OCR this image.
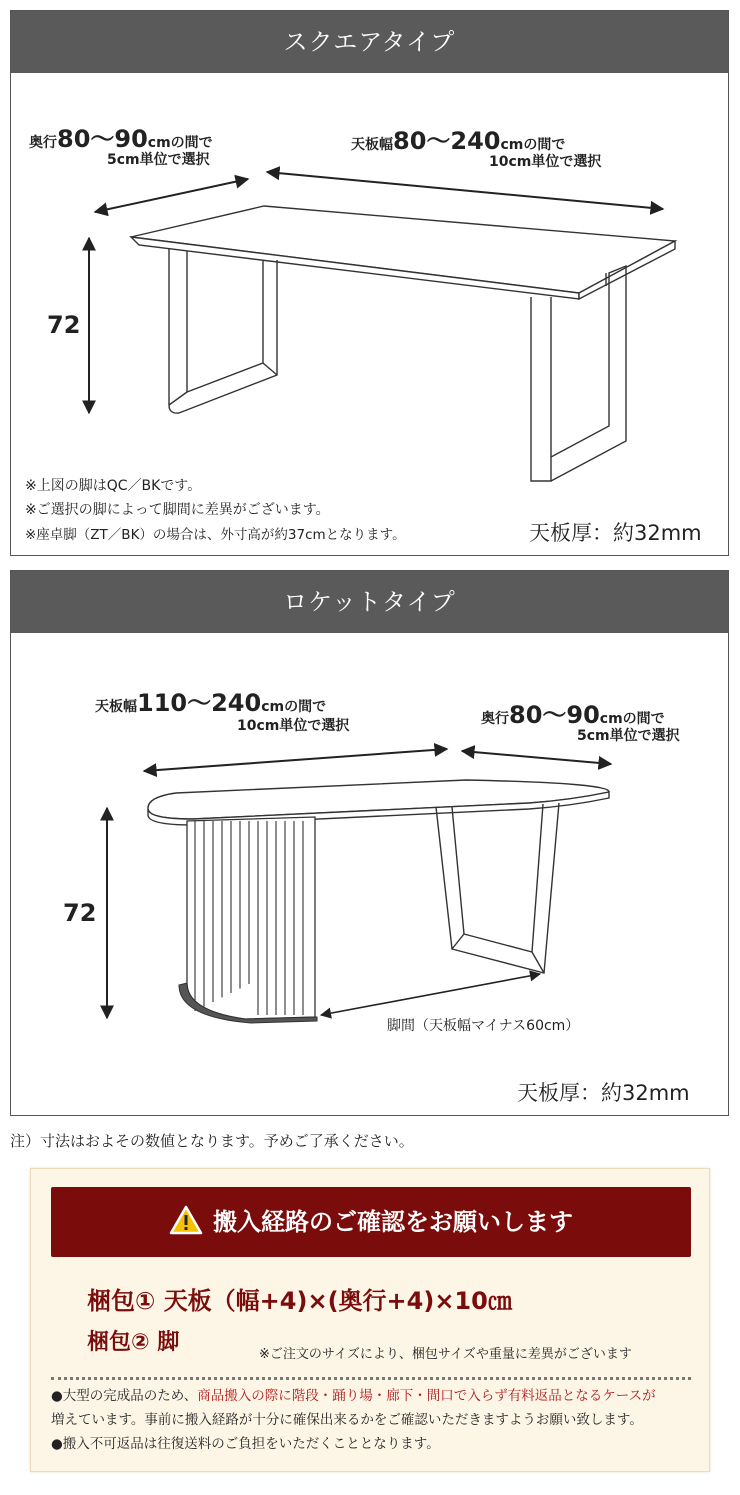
スクエアタイプ
奥行80～90cmの間で
5cm単位で選択
天板幅80～240cmの間で
10cm単位で選択
72
※上図の脚はQC／BKです。
※ご選択の脚によって脚間に差異がございます。
※座卓脚（ZT／BK）の場合は、外寸高が約37cmとなります。	天板厚：約32mm
ロケットタイプ
天板幅110～240cmの間で
10cm単位で選択	奥行80～90cmの間で
5cm単位で選択
72
脚間（天板幅マイナス60cm）
天板厚：約32mm
注）寸法はおよその数値となります。予めご了承ください。
搬入経路のご確認をお願いします
梱包① 天板（幅+4)×(奥行+4)×10㎝
梱包② 脚	※ご注文のサイズにより、梱包サイズや重量に差異がございます
●大型の完成品のため、商品搬入の際に階段・踊り場・廊下・間口で入らず有料返品となるケースが
増えています。事前に搬入経路が十分に確保出来るかをご確認いただきますようお願い致します。
●搬入不可返品は往復送料のご負担をいただくこととなります。
